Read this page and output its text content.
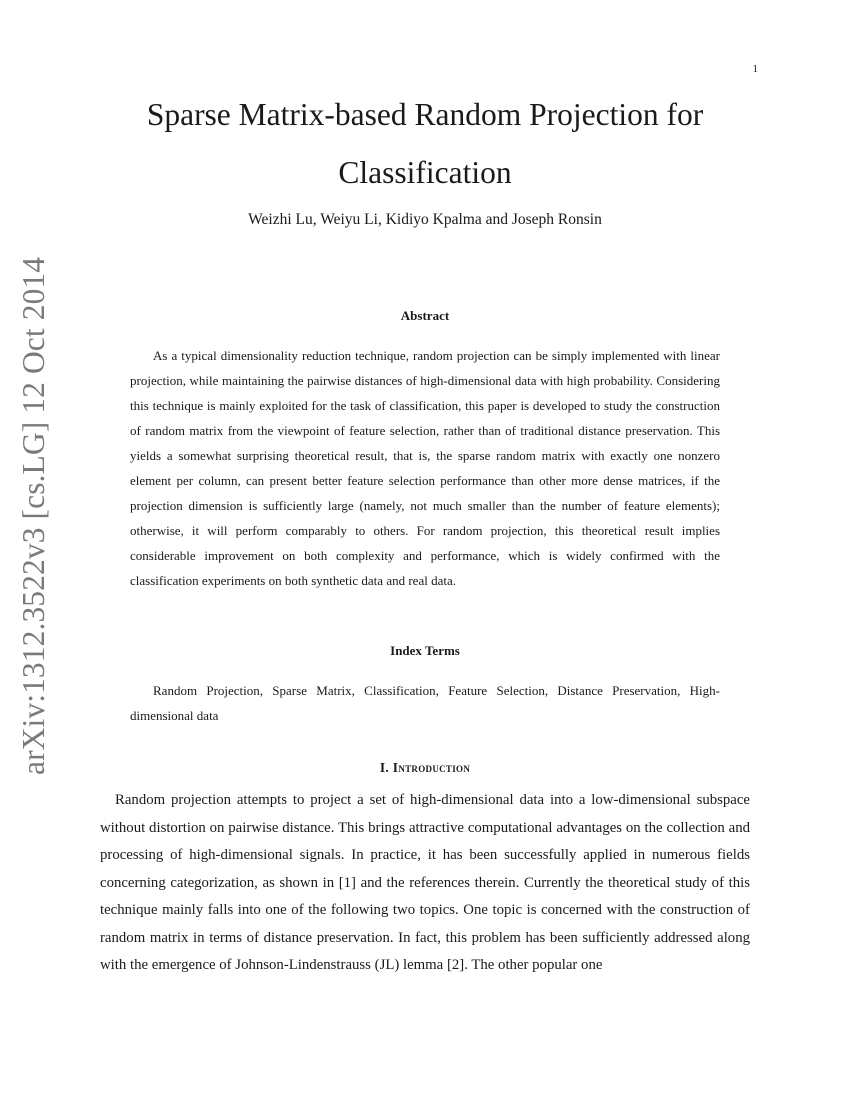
1
arXiv:1312.3522v3 [cs.LG] 12 Oct 2014
Sparse Matrix-based Random Projection for Classification
Weizhi Lu, Weiyu Li, Kidiyo Kpalma and Joseph Ronsin
Abstract

As a typical dimensionality reduction technique, random projection can be simply implemented with linear projection, while maintaining the pairwise distances of high-dimensional data with high probability. Considering this technique is mainly exploited for the task of classification, this paper is developed to study the construction of random matrix from the viewpoint of feature selection, rather than of traditional distance preservation. This yields a somewhat surprising theoretical result, that is, the sparse random matrix with exactly one nonzero element per column, can present better feature selection performance than other more dense matrices, if the projection dimension is sufficiently large (namely, not much smaller than the number of feature elements); otherwise, it will perform comparably to others. For random projection, this theoretical result implies considerable improvement on both complexity and performance, which is widely confirmed with the classification experiments on both synthetic data and real data.

Index Terms

Random Projection, Sparse Matrix, Classification, Feature Selection, Distance Preservation, High-dimensional data

I. Introduction

Random projection attempts to project a set of high-dimensional data into a low-dimensional subspace without distortion on pairwise distance. This brings attractive computational advantages on the collection and processing of high-dimensional signals. In practice, it has been successfully applied in numerous fields concerning categorization, as shown in [1] and the references therein. Currently the theoretical study of this technique mainly falls into one of the following two topics. One topic is concerned with the construction of random matrix in terms of distance preservation. In fact, this problem has been sufficiently addressed along with the emergence of Johnson-Lindenstrauss (JL) lemma [2]. The other popular one
